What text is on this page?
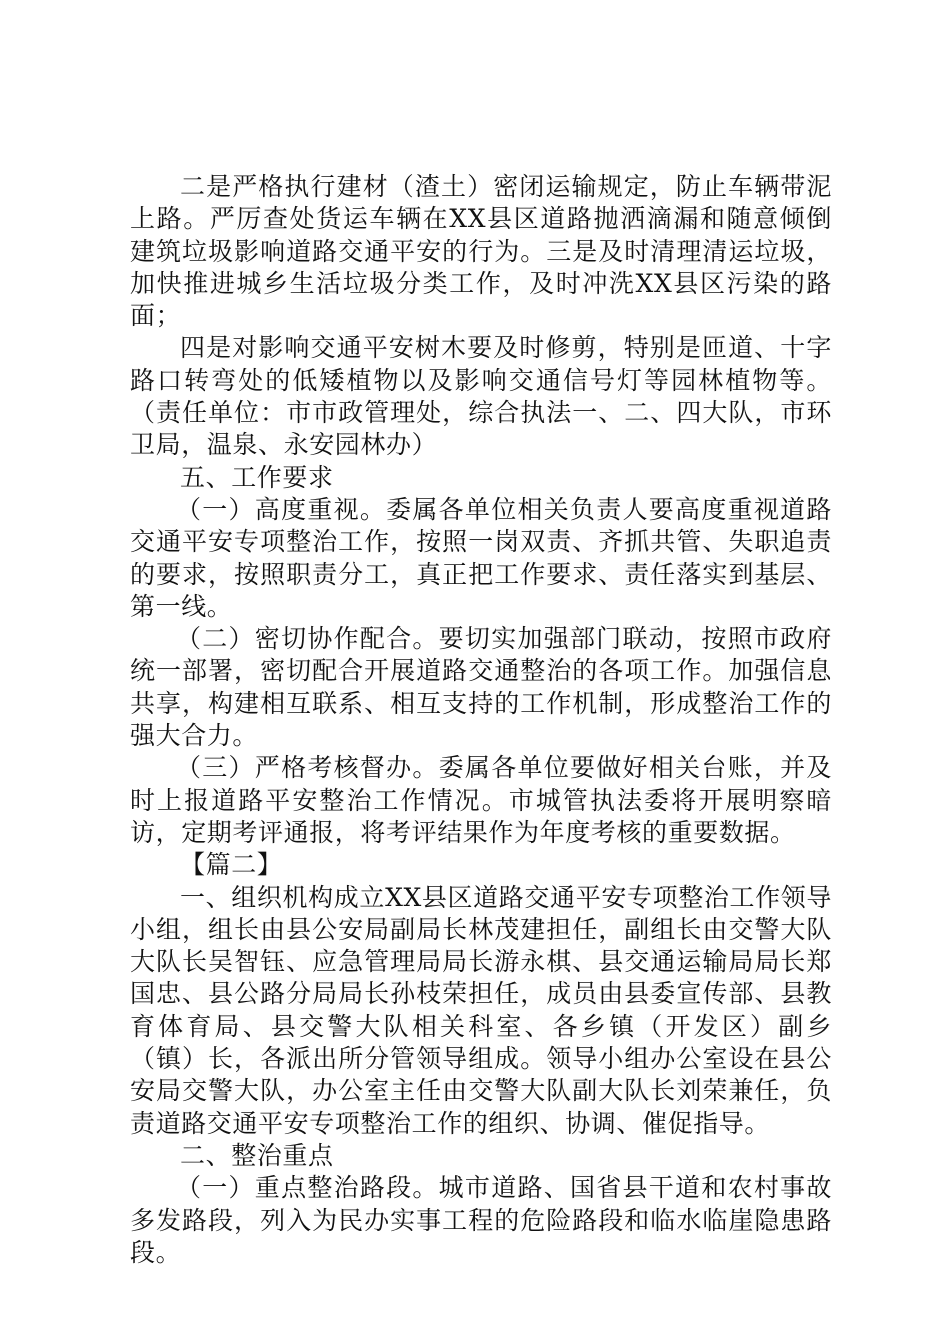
二是严格执行建材（渣土）密闭运输规定，防止车辆带泥上路。严厉查处货运车辆在XX县区道路抛洒滴漏和随意倾倒建筑垃圾影响道路交通平安的行为。三是及时清理清运垃圾，加快推进城乡生活垃圾分类工作，及时冲洗XX县区污染的路面；

四是对影响交通平安树木要及时修剪，特别是匝道、十字路口转弯处的低矮植物以及影响交通信号灯等园林植物等。（责任单位：市市政管理处，综合执法一、二、四大队，市环卫局，温泉、永安园林办）

五、工作要求

（一）高度重视。委属各单位相关负责人要高度重视道路交通平安专项整治工作，按照一岗双责、齐抓共管、失职追责的要求，按照职责分工，真正把工作要求、责任落实到基层、第一线。

（二）密切协作配合。要切实加强部门联动，按照市政府统一部署，密切配合开展道路交通整治的各项工作。加强信息共享，构建相互联系、相互支持的工作机制，形成整治工作的强大合力。

（三）严格考核督办。委属各单位要做好相关台账，并及时上报道路平安整治工作情况。市城管执法委将开展明察暗访，定期考评通报，将考评结果作为年度考核的重要数据。

【篇二】

一、组织机构成立XX县区道路交通平安专项整治工作领导小组，组长由县公安局副局长林茂建担任，副组长由交警大队大队长吴智钰、应急管理局局长游永棋、县交通运输局局长郑国忠、县公路分局局长孙枝荣担任，成员由县委宣传部、县教育体育局、县交警大队相关科室、各乡镇（开发区）副乡（镇）长，各派出所分管领导组成。领导小组办公室设在县公安局交警大队，办公室主任由交警大队副大队长刘荣兼任，负责道路交通平安专项整治工作的组织、协调、催促指导。

二、整治重点

（一）重点整治路段。城市道路、国省县干道和农村事故多发路段，列入为民办实事工程的危险路段和临水临崖隐患路段。
